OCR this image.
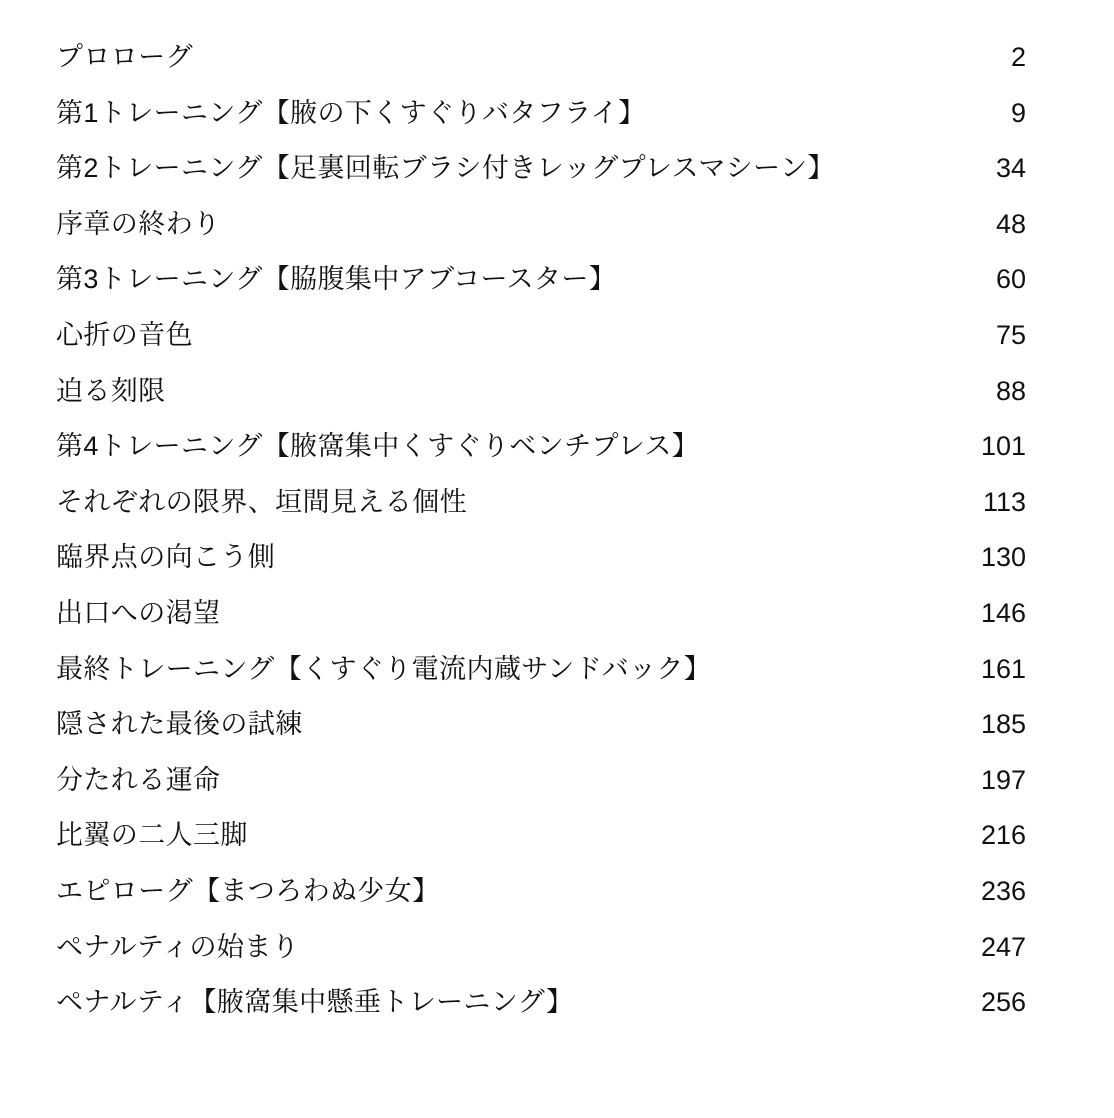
プロローグ	2
第1トレーニング【腋の下くすぐりバタフライ】	9
第2トレーニング【足裏回転ブラシ付きレッグプレスマシーン】	34
序章の終わり	48
第3トレーニング【脇腹集中アブコースター】	60
心折の音色	75
迫る刻限	88
第4トレーニング【腋窩集中くすぐりベンチプレス】	101
それぞれの限界、垣間見える個性	113
臨界点の向こう側	130
出口への渇望	146
最終トレーニング【くすぐり電流内蔵サンドバック】	161
隠された最後の試練	185
分たれる運命	197
比翼の二人三脚	216
エピローグ【まつろわぬ少女】	236
ペナルティの始まり	247
ペナルティ【腋窩集中懸垂トレーニング】	256
